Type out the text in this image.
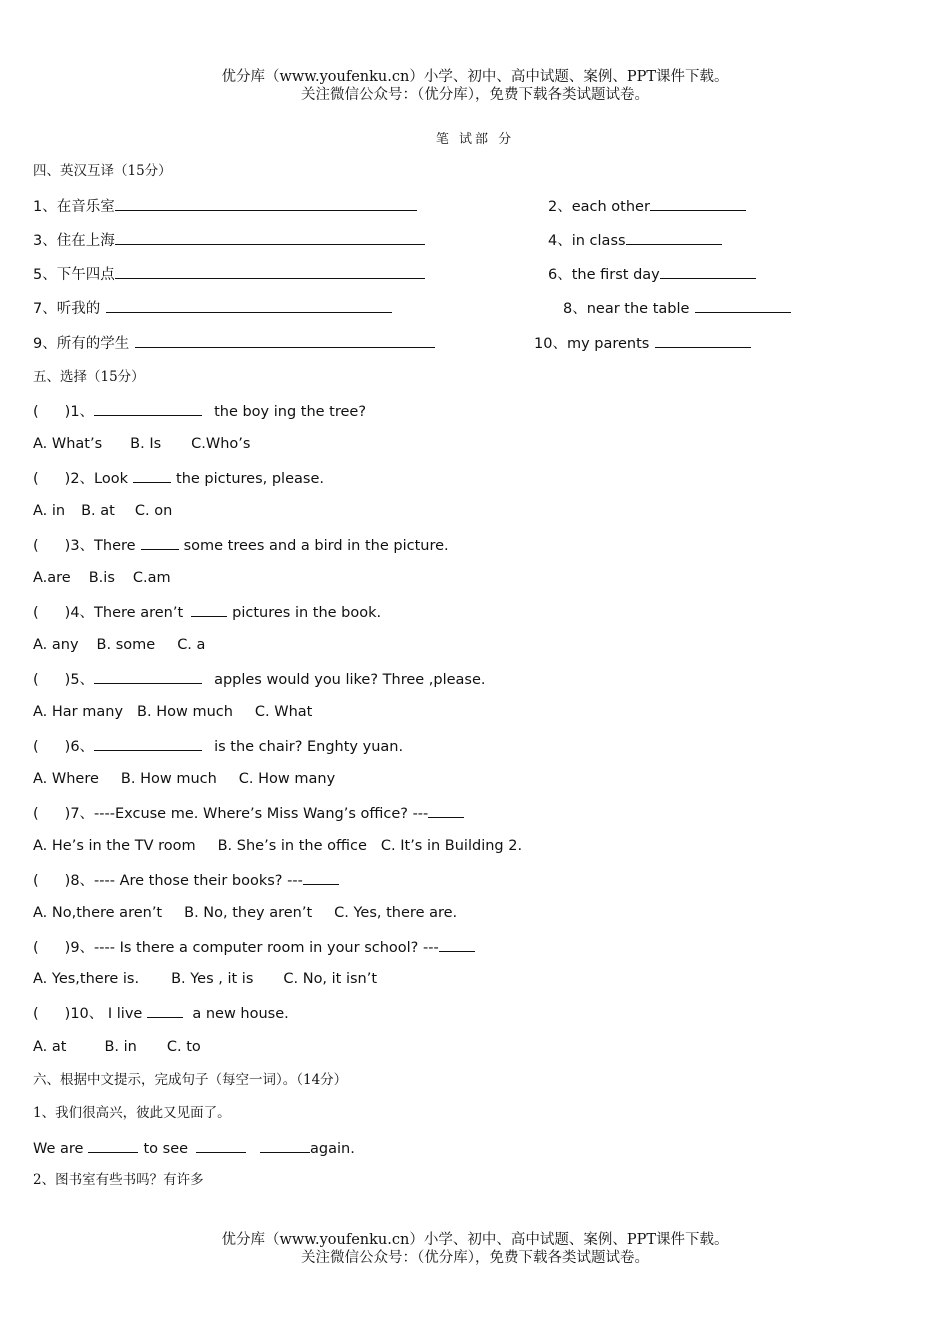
优分库（www.youfenku.cn）小学、初中、高中试题、案例、PPT课件下载。
关注微信公众号：（优分库），免费下载各类试题试卷。
笔 试部 分
四、英汉互译（15分）
1、在音乐室	2、each other
3、住在上海	4、in class
5、下午四点	6、the first day
7、听我的	8、near the table
9、所有的学生	10、my parents
五、选择（15分）
( )1、	the boy ing the tree?
A. What’s B. Is C.Who’s
( )2、Look	the pictures, please.
A. in B. at C. on
( )3、There	some trees and a bird in the picture.
A.are B.is C.am
( )4、There aren’t	pictures in the book.
A. any B. some C. a
( )5、	apples would you like? Three ,please.
A. Har many B. How much C. What
( )6、	is the chair? Enghty yuan.
A. Where B. How much C. How many
( )7、----Excuse me. Where’s Miss Wang’s office? ---
A. He’s in the TV room B. She’s in the office C. It’s in Building 2.
( )8、---- Are those their books? ---
A. No,there aren’t B. No, they aren’t C. Yes, there are.
( )9、---- Is there a computer room in your school? ---
A. Yes,there is. B. Yes , it is C. No, it isn’t
( )10、 I live	a new house.
A. at	B. in C. to
六、根据中文提示，完成句子（每空一词）。（14分）
1、我们很高兴，彼此又见面了。
We are	to see	again.
2、图书室有些书吗？有许多
优分库（www.youfenku.cn）小学、初中、高中试题、案例、PPT课件下载。
关注微信公众号：（优分库），免费下载各类试题试卷。
